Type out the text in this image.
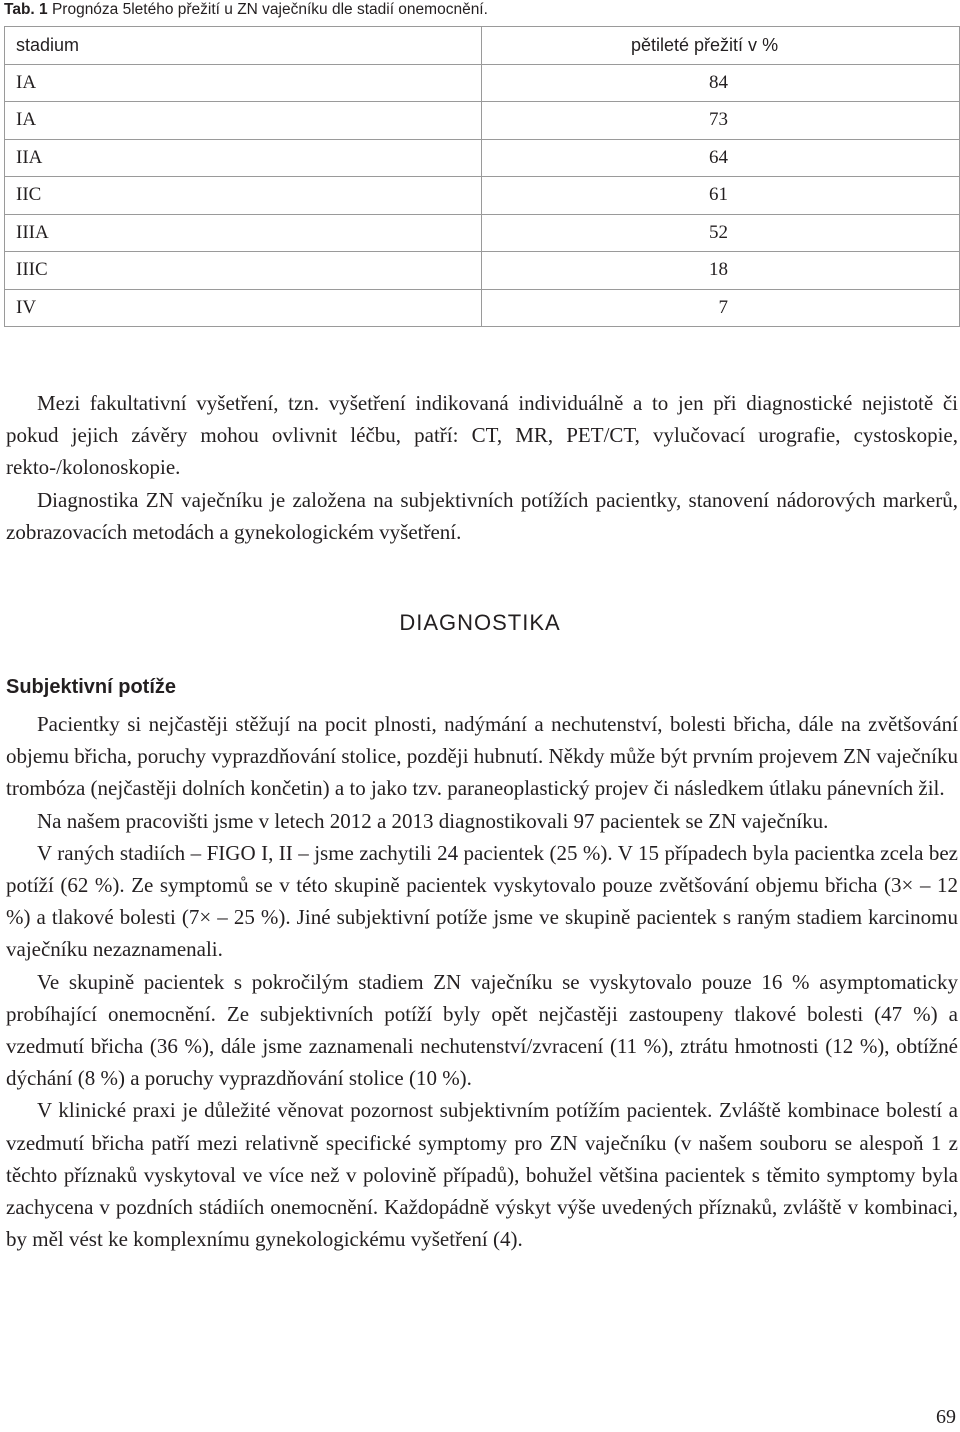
Tab. 1 Prognóza 5letého přežití u ZN vaječníku dle stadií onemocnění.
stadium	pětileté přežití v %
IA	84
IA	73
IIA	64
IIC	61
IIIA	52
IIIC	18
IV	7

Mezi fakultativní vyšetření, tzn. vyšetření indikovaná individuálně a to jen při diagnostické nejistotě či pokud jejich závěry mohou ovlivnit léčbu, patří: CT, MR, PET/CT, vylučovací urografie, cystoskopie, rekto-/kolonoskopie.

Diagnostika ZN vaječníku je založena na subjektivních potížích pacientky, stanovení nádorových markerů, zobrazovacích metodách a gynekologickém vyšetření.

DIAGNOSTIKA
Subjektivní potíže

Pacientky si nejčastěji stěžují na pocit plnosti, nadýmání a nechutenství, bolesti břicha, dále na zvětšování objemu břicha, poruchy vyprazdňování stolice, později hubnutí. Někdy může být prvním projevem ZN vaječníku trombóza (nejčastěji dolních končetin) a to jako tzv. paraneoplastický projev či následkem útlaku pánevních žil.

Na našem pracovišti jsme v letech 2012 a 2013 diagnostikovali 97 pacientek se ZN vaječníku.

V raných stadiích – FIGO I, II – jsme zachytili 24 pacientek (25 %). V 15 případech byla pacientka zcela bez potíží (62 %). Ze symptomů se v této skupině pacientek vyskytovalo pouze zvětšování objemu břicha (3× – 12 %) a tlakové bolesti (7× – 25 %). Jiné subjektivní potíže jsme ve skupině pacientek s raným stadiem karcinomu vaječníku nezaznamenali.

Ve skupině pacientek s pokročilým stadiem ZN vaječníku se vyskytovalo pouze 16 % asymptomaticky probíhající onemocnění. Ze subjektivních potíží byly opět nejčastěji zastoupeny tlakové bolesti (47 %) a vzedmutí břicha (36 %), dále jsme zaznamenali nechutenství/zvracení (11 %), ztrátu hmotnosti (12 %), obtížné dýchání (8 %) a poruchy vyprazdňování stolice (10 %).

V klinické praxi je důležité věnovat pozornost subjektivním potížím pacientek. Zvláště kombinace bolestí a vzedmutí břicha patří mezi relativně specifické symptomy pro ZN vaječníku (v našem souboru se alespoň 1 z těchto příznaků vyskytoval ve více než v polovině případů), bohužel většina pacientek s těmito symptomy byla zachycena v pozdních stádiích onemocnění. Každopádně výskyt výše uvedených příznaků, zvláště v kombinaci, by měl vést ke komplexnímu gynekologickému vyšetření (4).

69
